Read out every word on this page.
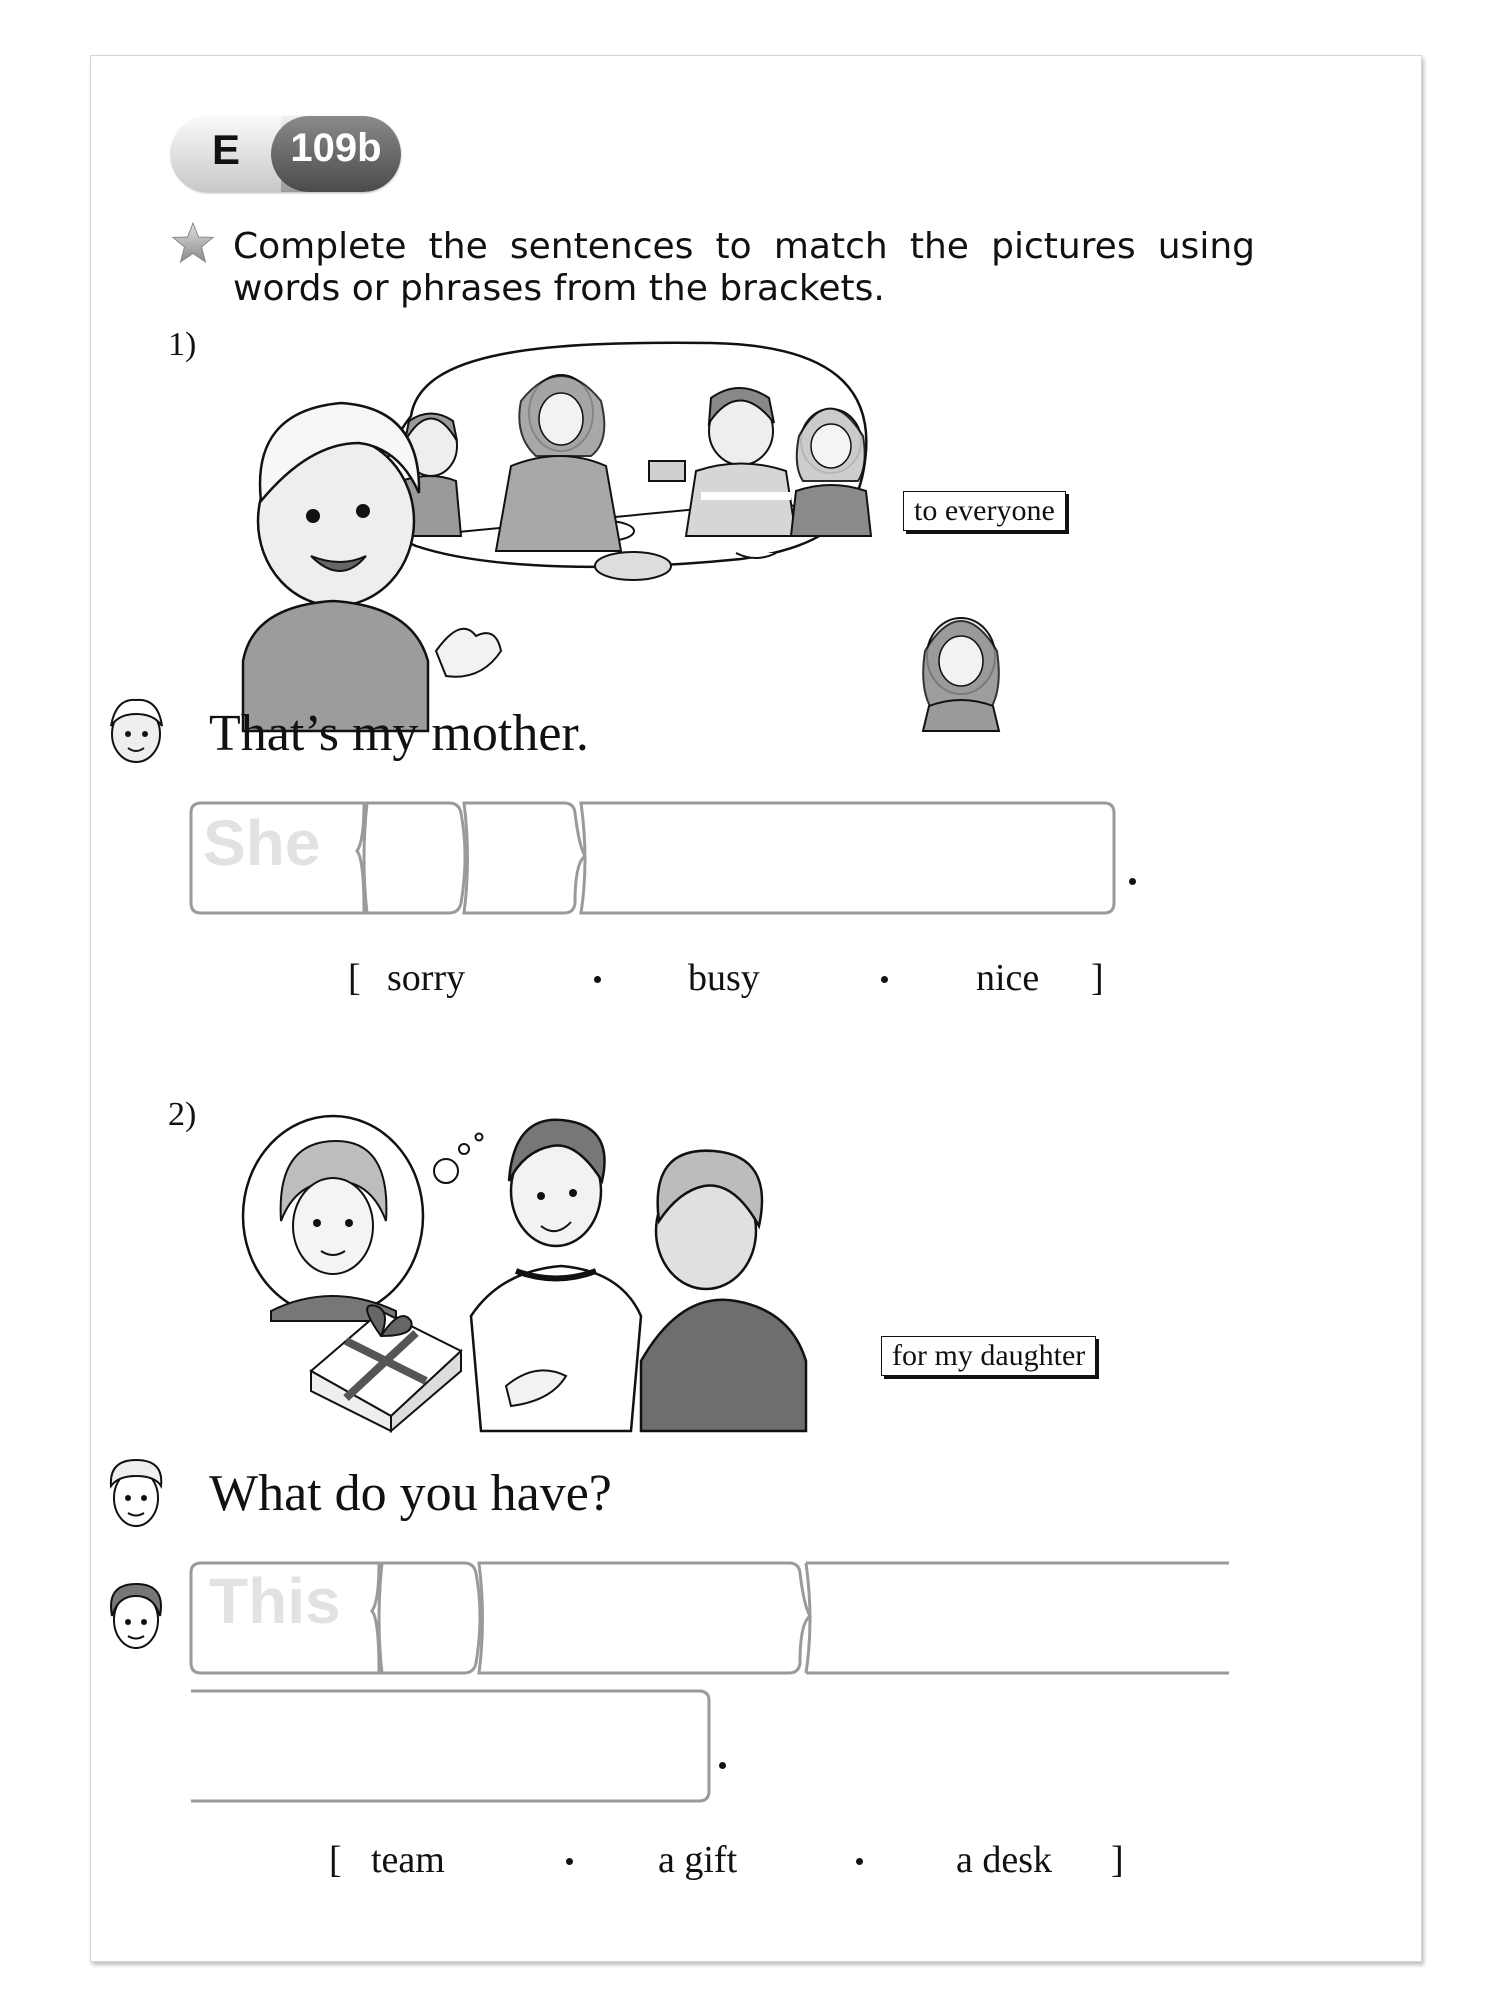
E	109b
Complete the sentences to match the pictures using
words or phrases from the brackets.
1)
to everyone
That’s my mother.
She
[ sorry	busy	nice ]
2)
for my daughter
What do you have?
This
[ team	a gift	a desk ]
